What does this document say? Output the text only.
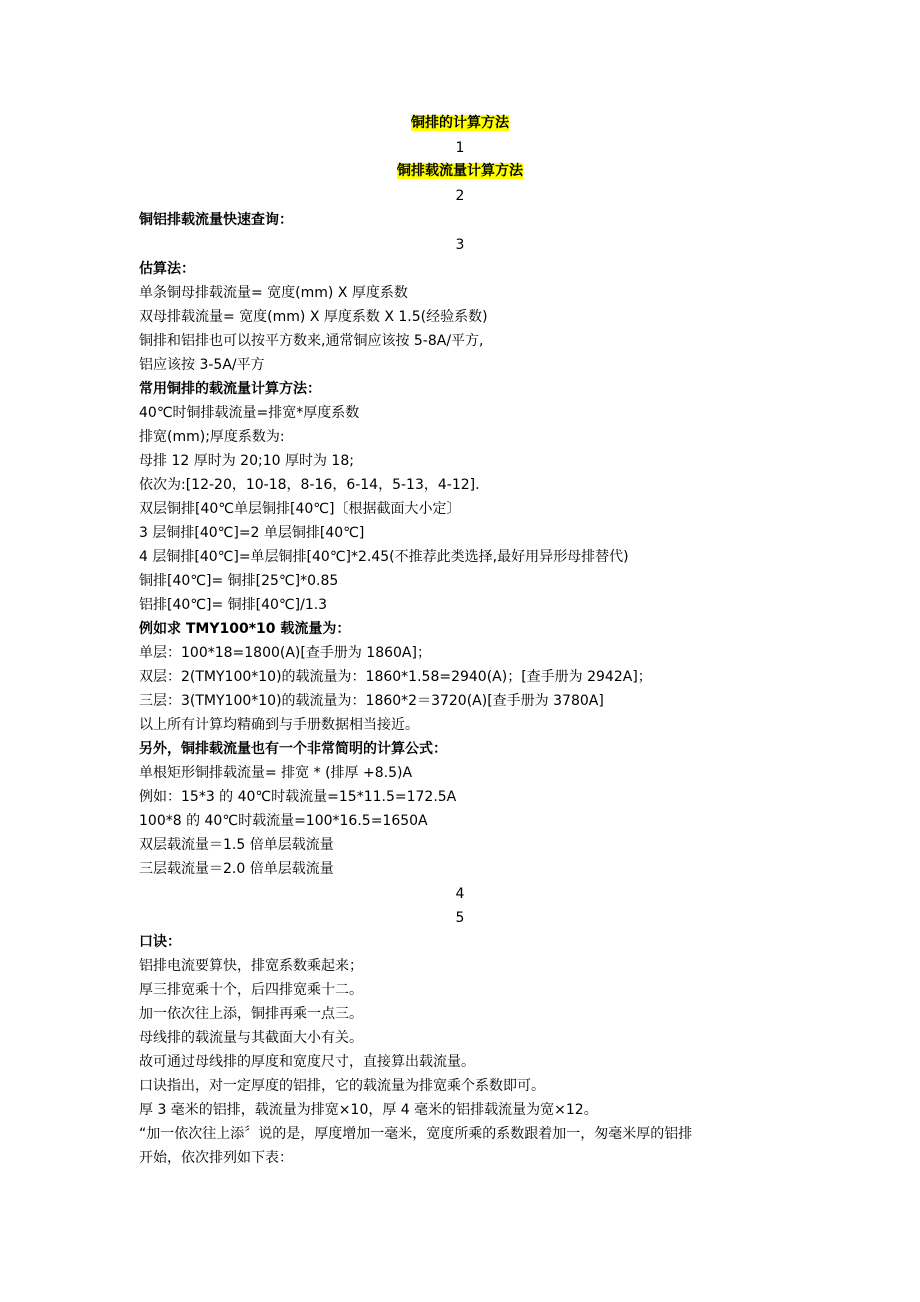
铜排的计算方法
1
铜排载流量计算方法
2
铜铝排载流量快速查询：
3
估算法：
单条铜母排载流量= 宽度(mm) X 厚度系数
双母排载流量= 宽度(mm) X 厚度系数 X 1.5(经验系数)
铜排和铝排也可以按平方数来,通常铜应该按 5-8A/平方,
铝应该按 3-5A/平方
常用铜排的载流量计算方法：
40℃时铜排载流量=排宽*厚度系数
排宽(mm);厚度系数为:
母排 12 厚时为 20;10 厚时为 18;
依次为:[12-20，10-18，8-16，6-14，5-13，4-12].
双层铜排[40℃单层铜排[40℃]〔根据截面大小定〕
3 层铜排[40℃]=2 单层铜排[40℃]
4 层铜排[40℃]=单层铜排[40℃]*2.45(不推荐此类选择,最好用异形母排替代)
铜排[40℃]= 铜排[25℃]*0.85
铝排[40℃]= 铜排[40℃]/1.3
例如求 TMY100*10 载流量为：
单层：100*18=1800(A)[查手册为 1860A]；
双层：2(TMY100*10)的载流量为：1860*1.58=2940(A)；[查手册为 2942A]；
三层：3(TMY100*10)的载流量为：1860*2＝3720(A)[查手册为 3780A]
以上所有计算均精确到与手册数据相当接近。
另外，铜排载流量也有一个非常简明的计算公式：
单根矩形铜排载流量= 排宽 * (排厚 +8.5)A
例如：15*3 的 40℃时载流量=15*11.5=172.5A
100*8 的 40℃时载流量=100*16.5=1650A
双层载流量＝1.5 倍单层载流量
三层载流量＝2.0 倍单层载流量
4
5
口诀：
铝排电流要算快，排宽系数乘起来；
厚三排宽乘十个，后四排宽乘十二。
加一依次往上添，铜排再乘一点三。
母线排的载流量与其截面大小有关。
故可通过母线排的厚度和宽度尺寸，直接算出载流量。
口诀指出，对一定厚度的铝排，它的载流量为排宽乘个系数即可。
厚 3 毫米的铝排，载流量为排宽×10，厚 4 毫米的铝排载流量为宽×12。
“加一依次往上添〞说的是，厚度增加一毫米，宽度所乘的系数跟着加一，匆毫米厚的铝排
开始，依次排列如下表：
